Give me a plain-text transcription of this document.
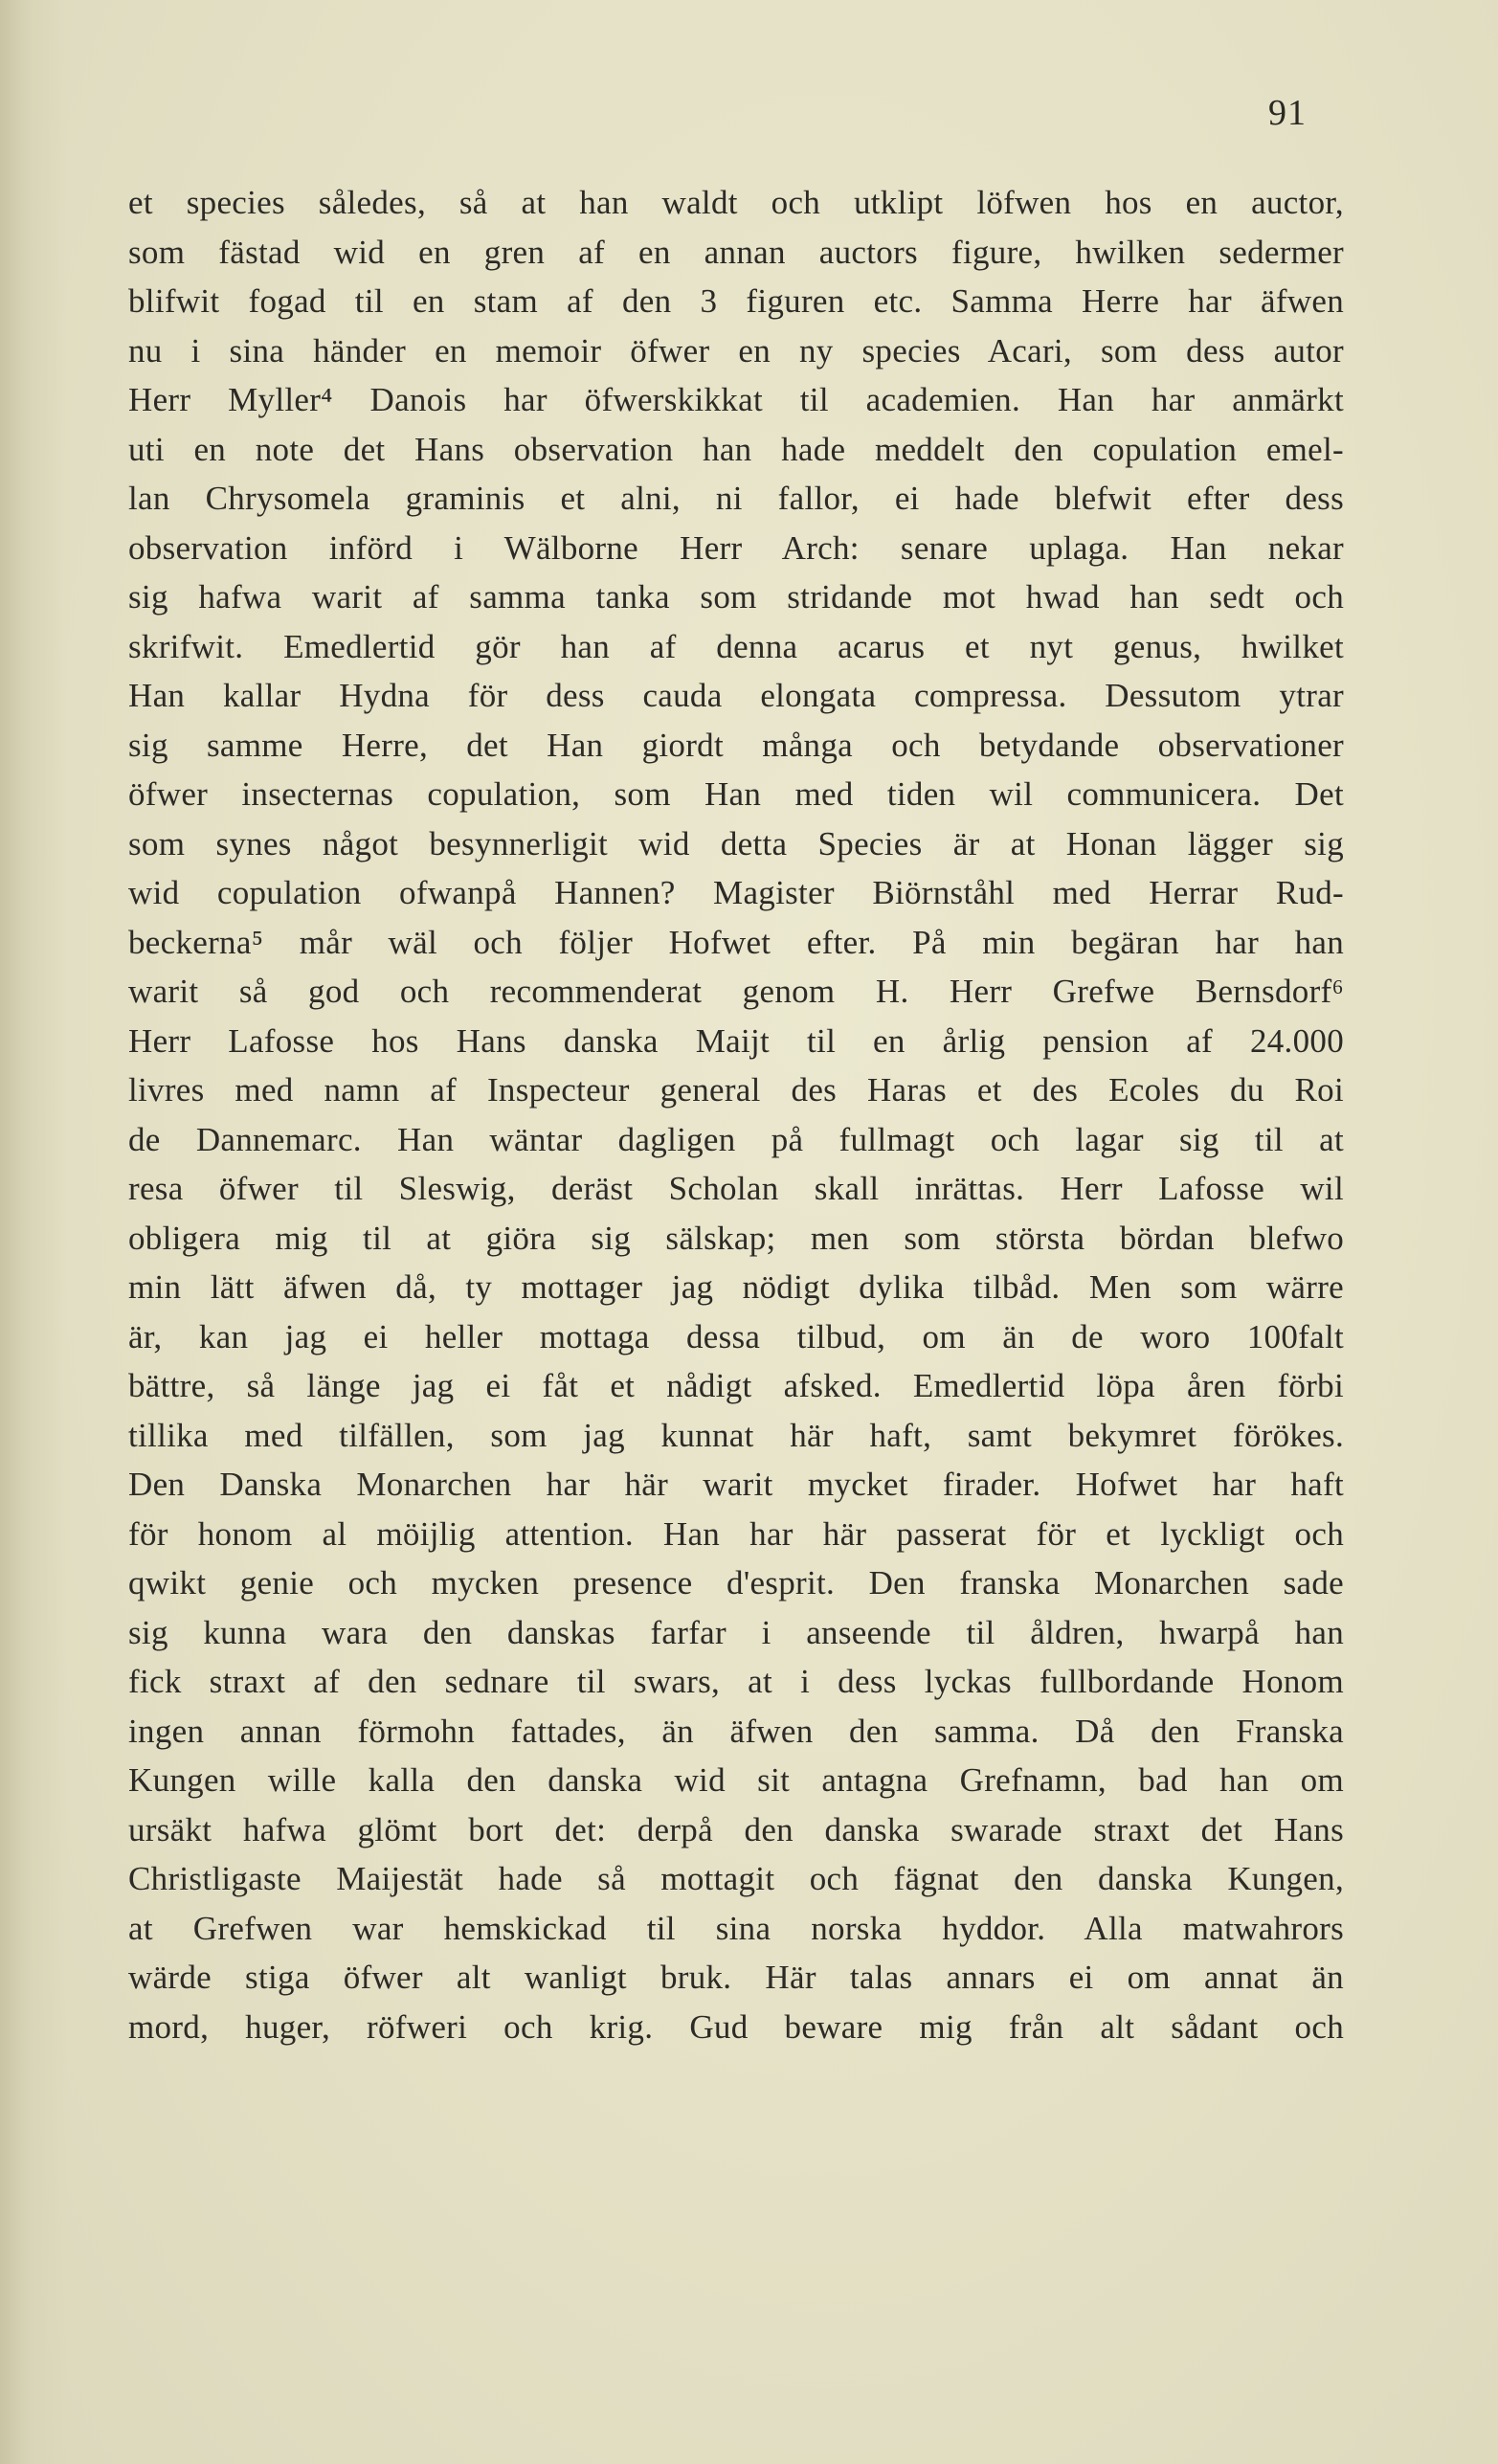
91
et species således, så at han waldt och utklipt löfwen hos en auctor,
som fästad wid en gren af en annan auctors figure, hwilken sedermer
blifwit fogad til en stam af den 3 figuren etc. Samma Herre har äfwen
nu i sina händer en memoir öfwer en ny species Acari, som dess autor
Herr Myller⁴ Danois har öfwerskikkat til academien. Han har anmärkt
uti en note det Hans observation han hade meddelt den copulation emel-
lan Chrysomela graminis et alni, ni fallor, ei hade blefwit efter dess
observation införd i Wälborne Herr Arch: senare uplaga. Han nekar
sig hafwa warit af samma tanka som stridande mot hwad han sedt och
skrifwit. Emedlertid gör han af denna acarus et nyt genus, hwilket
Han kallar Hydna för dess cauda elongata compressa. Dessutom ytrar
sig samme Herre, det Han giordt många och betydande observationer
öfwer insecternas copulation, som Han med tiden wil communicera. Det
som synes något besynnerligit wid detta Species är at Honan lägger sig
wid copulation ofwanpå Hannen? Magister Biörnståhl med Herrar Rud-
beckerna⁵ mår wäl och följer Hofwet efter. På min begäran har han
warit så god och recommenderat genom H. Herr Grefwe Bernsdorf⁶
Herr Lafosse hos Hans danska Maijt til en årlig pension af 24.000
livres med namn af Inspecteur general des Haras et des Ecoles du Roi
de Dannemarc. Han wäntar dagligen på fullmagt och lagar sig til at
resa öfwer til Sleswig, deräst Scholan skall inrättas. Herr Lafosse wil
obligera mig til at giöra sig sälskap; men som största bördan blefwo
min lätt äfwen då, ty mottager jag nödigt dylika tilbåd. Men som wärre
är, kan jag ei heller mottaga dessa tilbud, om än de woro 100falt
bättre, så länge jag ei fåt et nådigt afsked. Emedlertid löpa åren förbi
tillika med tilfällen, som jag kunnat här haft, samt bekymret förökes.
Den Danska Monarchen har här warit mycket firader. Hofwet har haft
för honom al möijlig attention. Han har här passerat för et lyckligt och
qwikt genie och mycken presence d'esprit. Den franska Monarchen sade
sig kunna wara den danskas farfar i anseende til åldren, hwarpå han
fick straxt af den sednare til swars, at i dess lyckas fullbordande Honom
ingen annan förmohn fattades, än äfwen den samma. Då den Franska
Kungen wille kalla den danska wid sit antagna Grefnamn, bad han om
ursäkt hafwa glömt bort det: derpå den danska swarade straxt det Hans
Christligaste Maijestät hade så mottagit och fägnat den danska Kungen,
at Grefwen war hemskickad til sina norska hyddor. Alla matwahrors
wärde stiga öfwer alt wanligt bruk. Här talas annars ei om annat än
mord, huger, röfweri och krig. Gud beware mig från alt sådant och
